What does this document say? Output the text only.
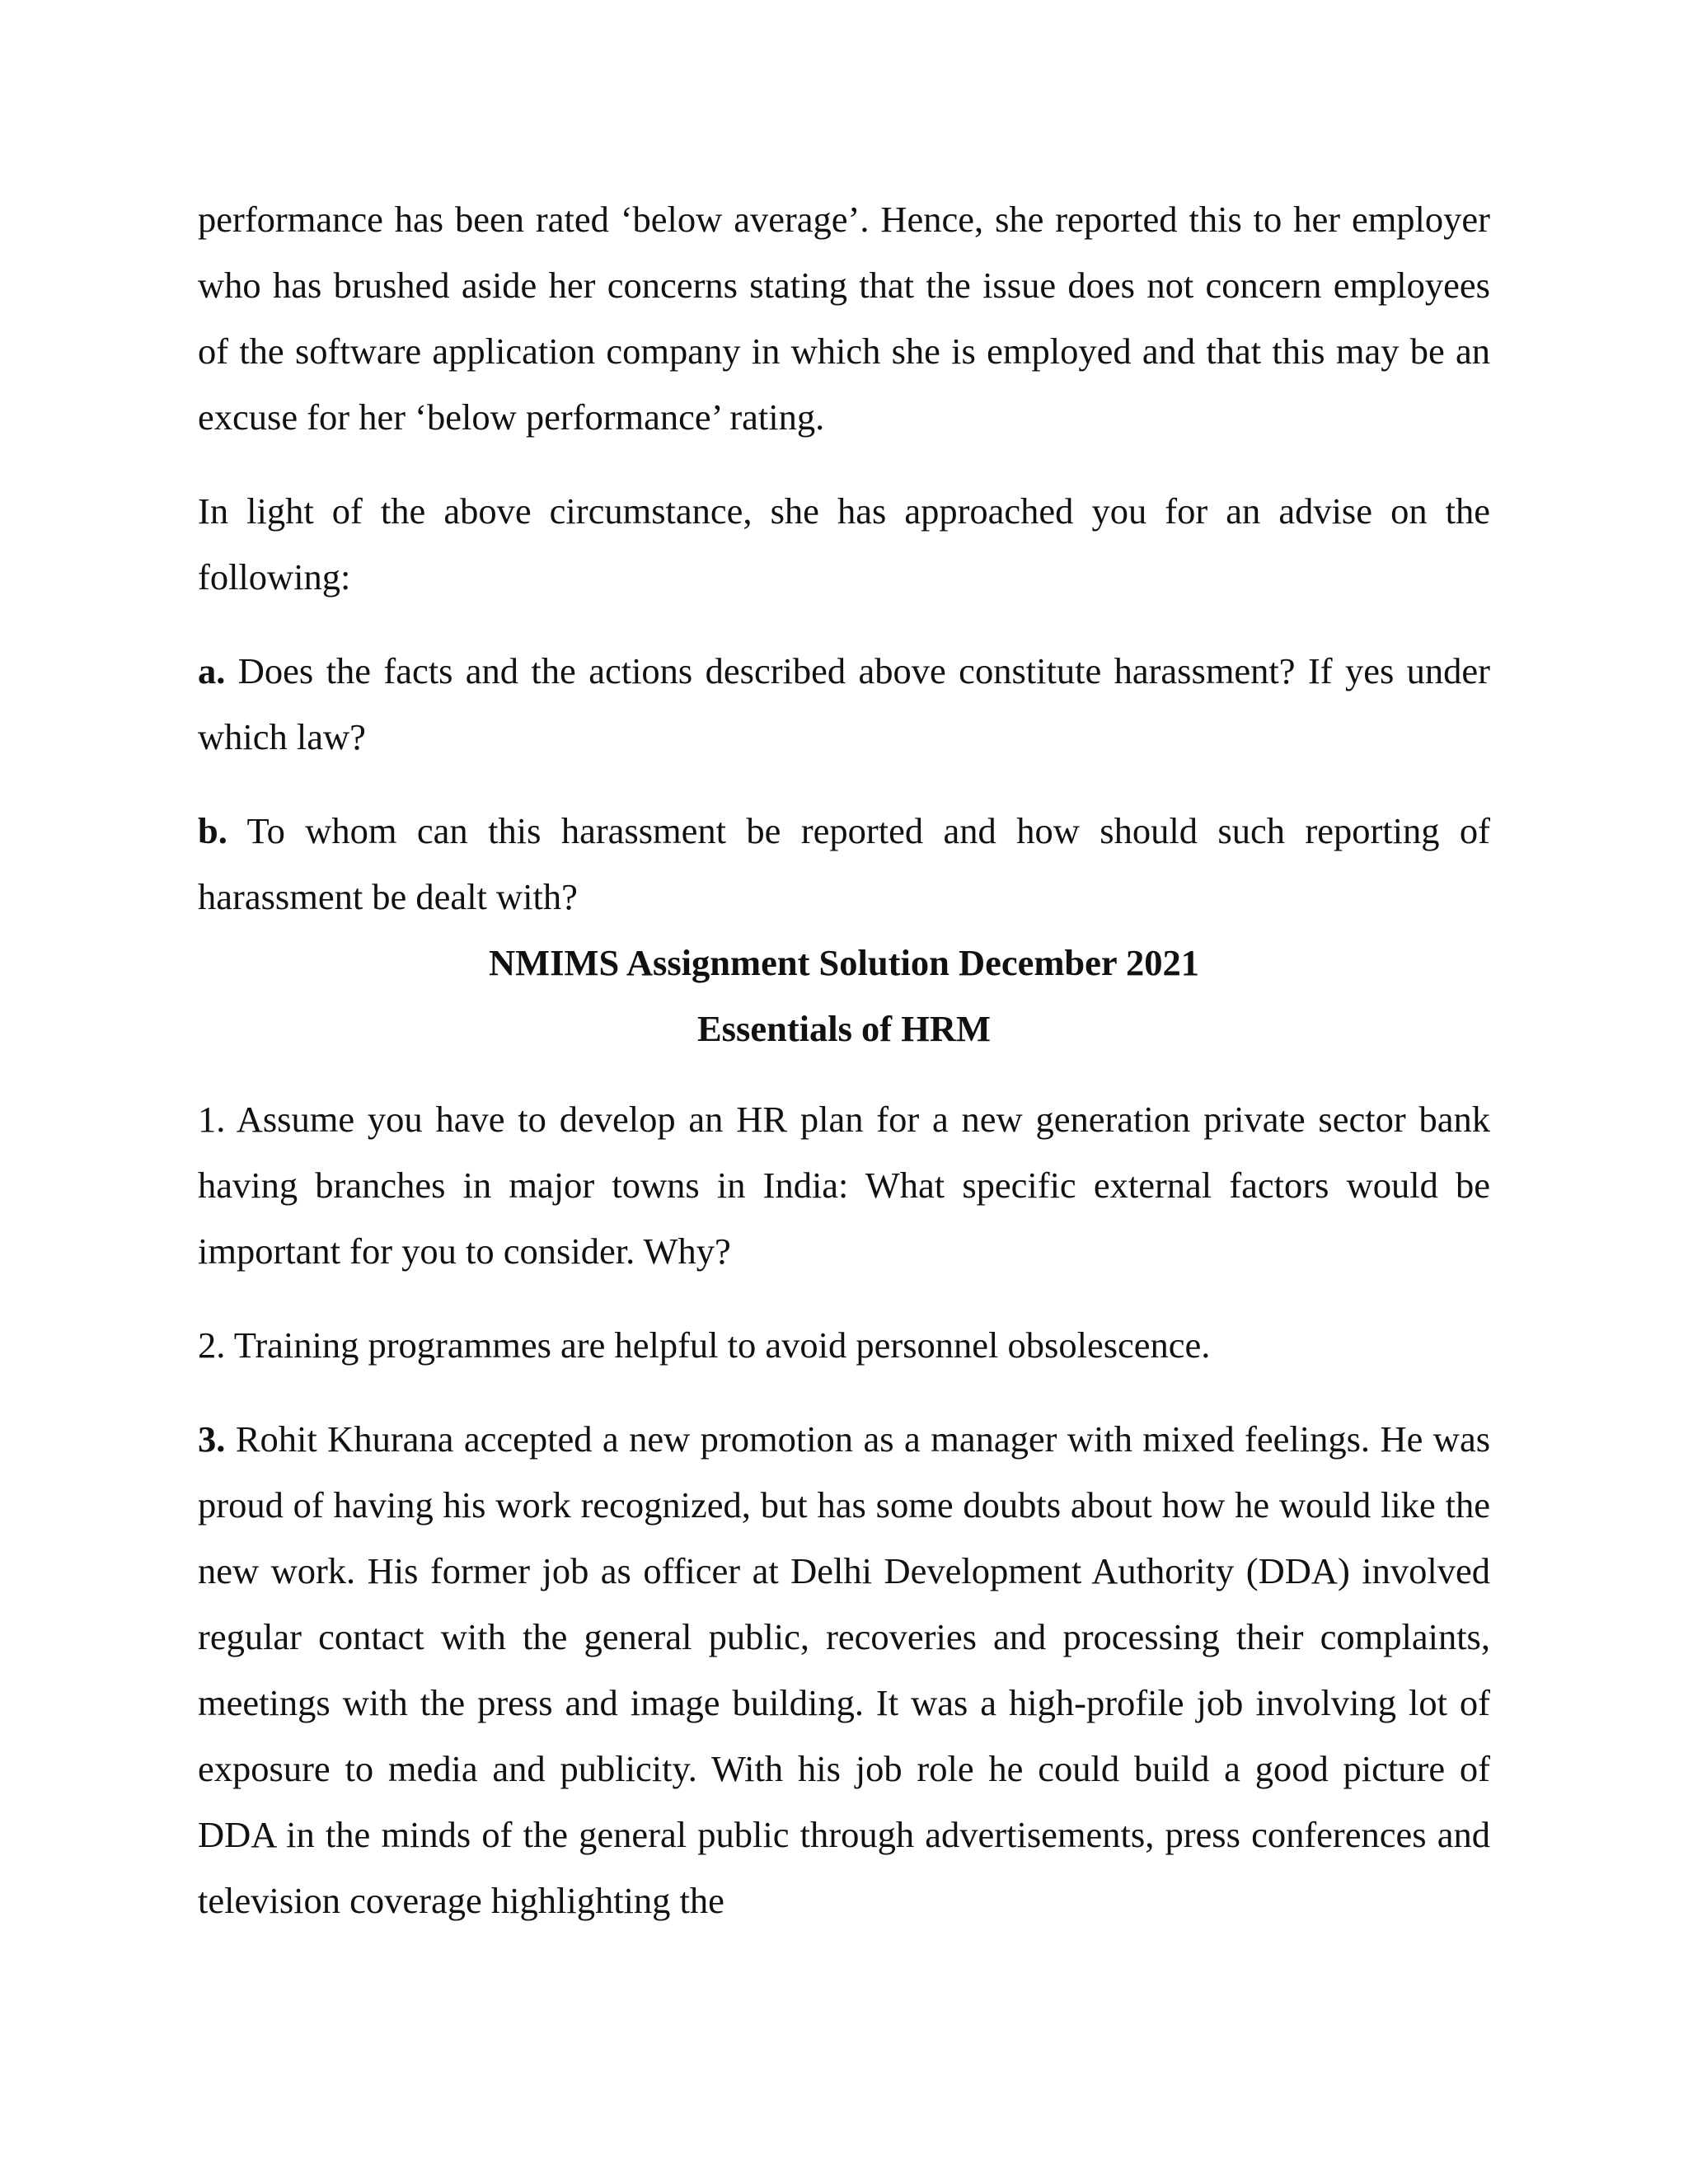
performance has been rated ‘below average’. Hence, she reported this to her employer who has brushed aside her concerns stating that the issue does not concern employees of the software application company in which she is employed and that this may be an excuse for her ‘below performance’ rating.

In light of the above circumstance, she has approached you for an advise on the following:

a. Does the facts and the actions described above constitute harassment? If yes under which law?

b. To whom can this harassment be reported and how should such reporting of harassment be dealt with?

NMIMS Assignment Solution December 2021
Essentials of HRM

1. Assume you have to develop an HR plan for a new generation private sector bank having branches in major towns in India: What specific external factors would be important for you to consider. Why?

2. Training programmes are helpful to avoid personnel obsolescence.

3. Rohit Khurana accepted a new promotion as a manager with mixed feelings. He was proud of having his work recognized, but has some doubts about how he would like the new work. His former job as officer at Delhi Development Authority (DDA) involved regular contact with the general public, recoveries and processing their complaints, meetings with the press and image building. It was a high-profile job involving lot of exposure to media and publicity. With his job role he could build a good picture of DDA in the minds of the general public through advertisements, press conferences and television coverage highlighting the
